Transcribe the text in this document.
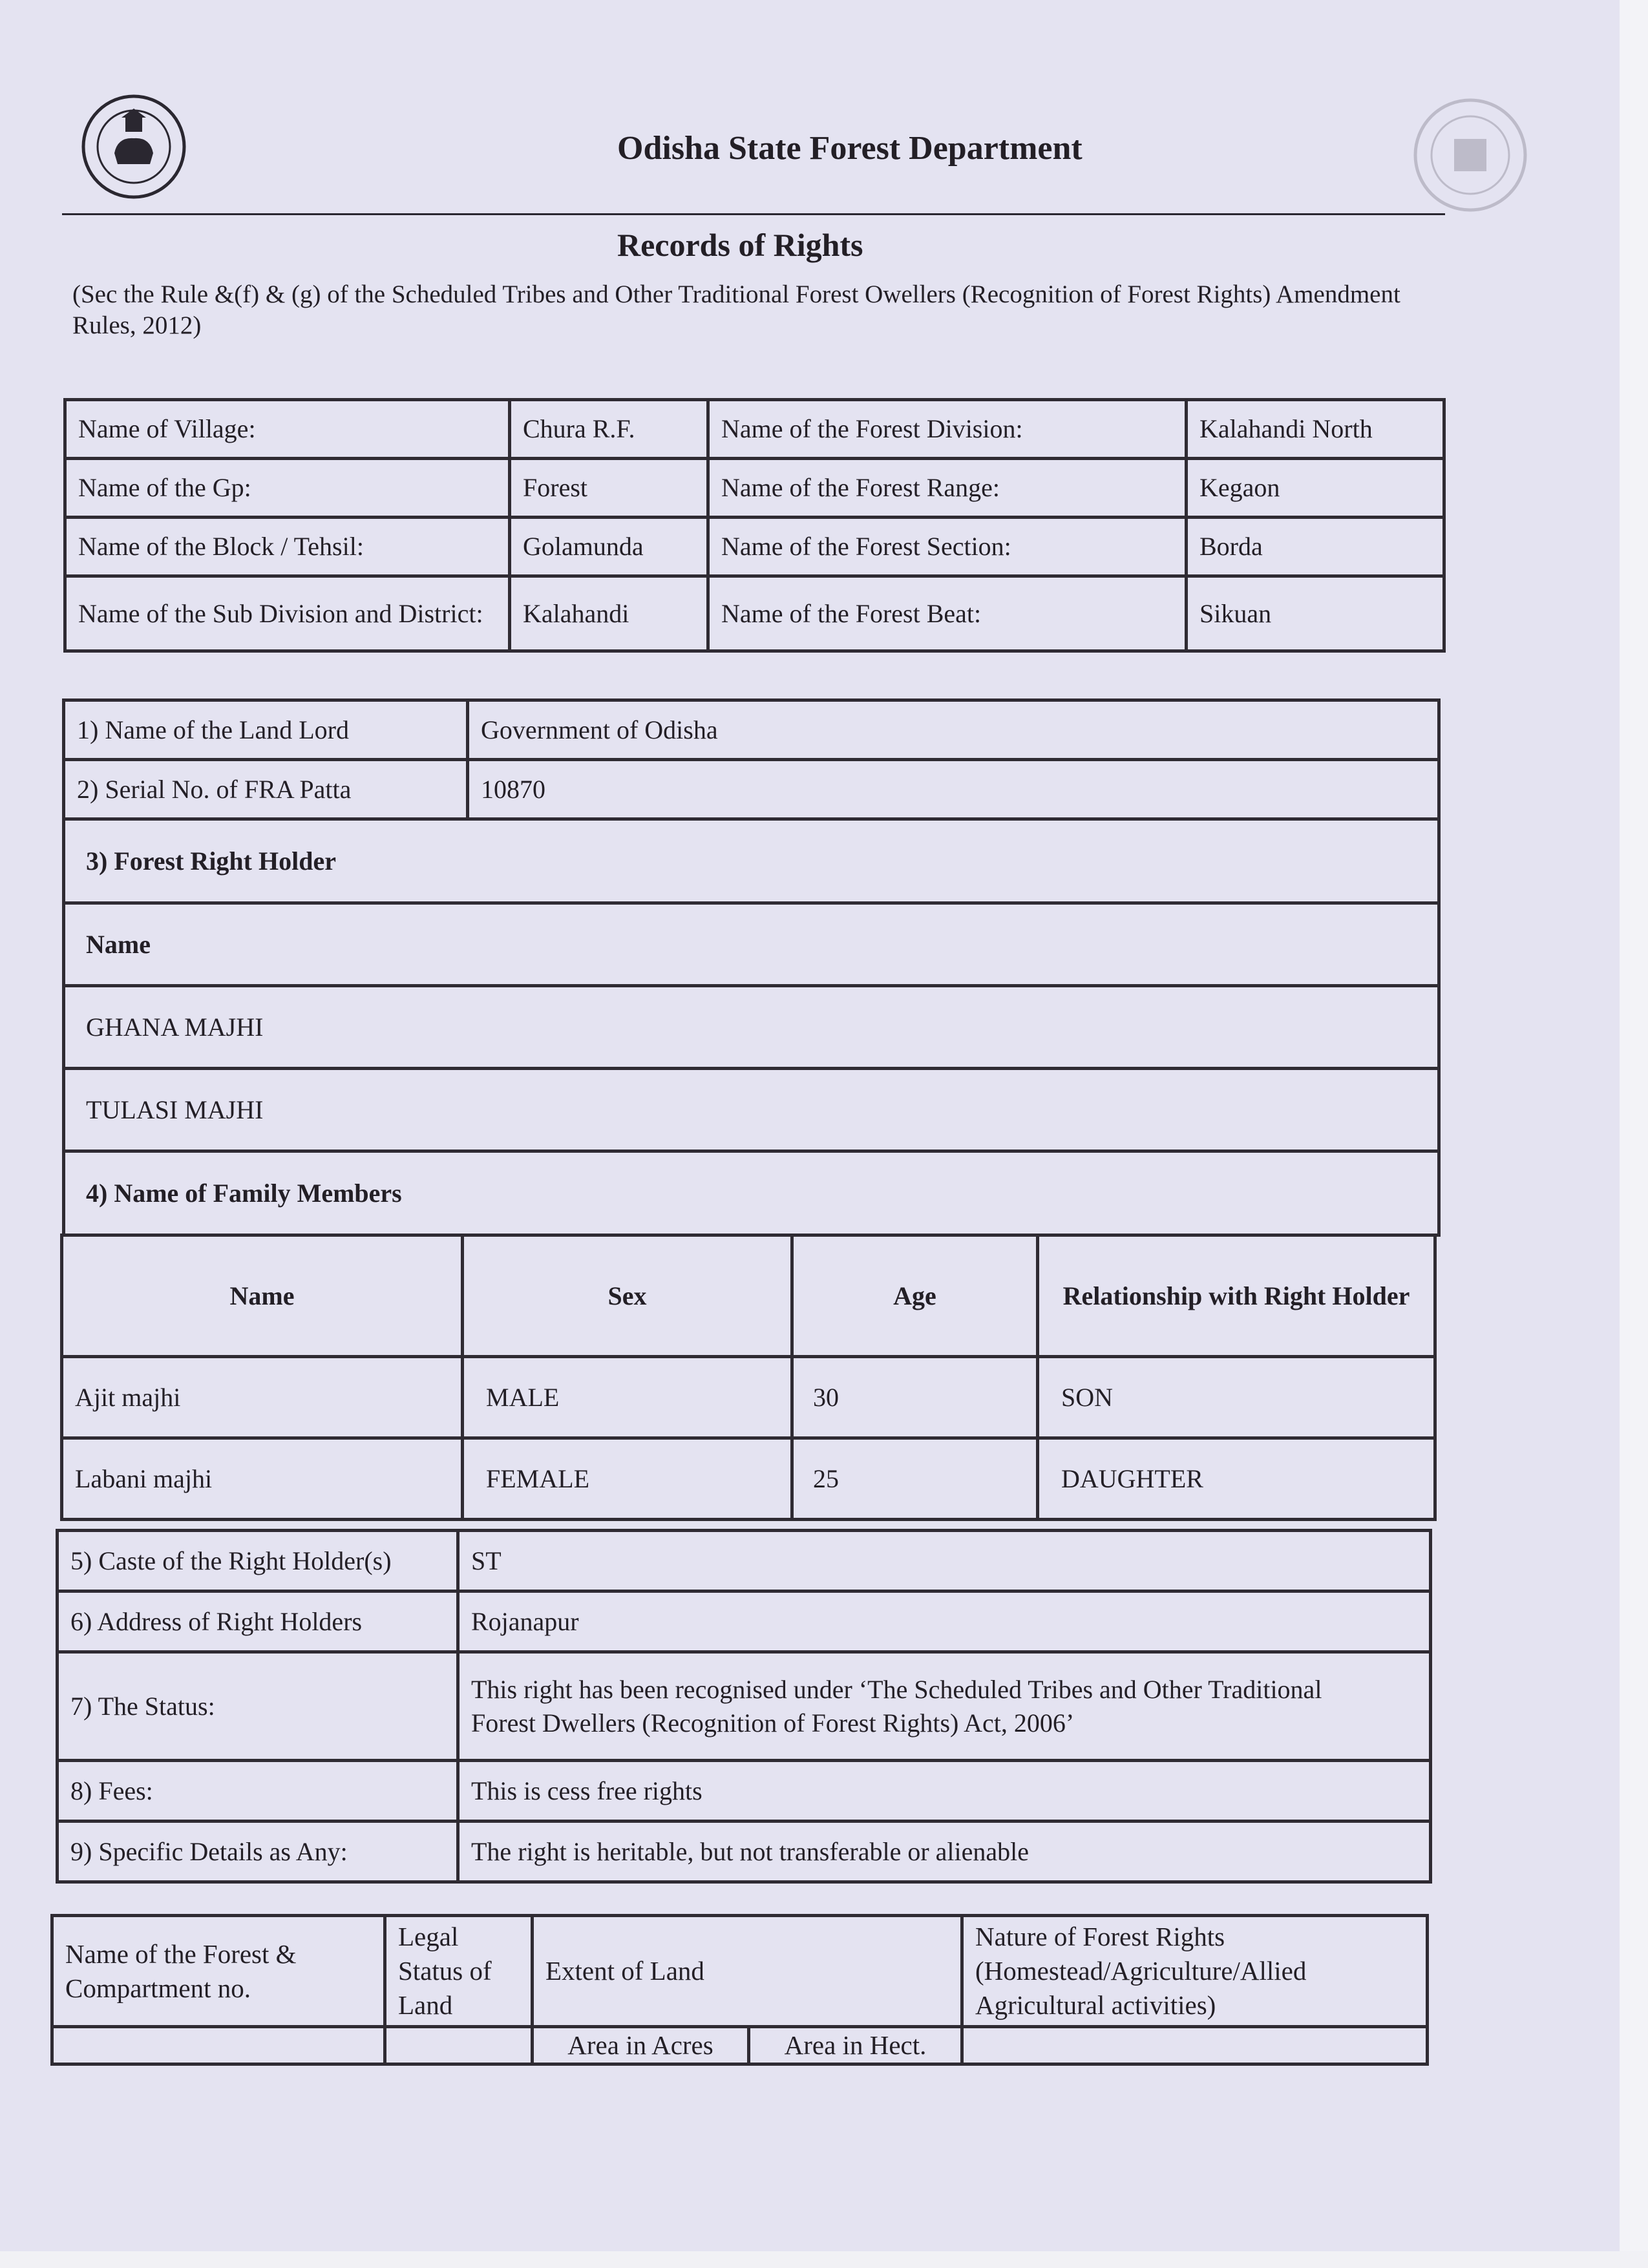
Odisha State Forest Department
Records of Rights
(Sec the Rule &(f) & (g) of the Scheduled Tribes and Other Traditional Forest Owellers (Recognition of Forest Rights) Amendment Rules, 2012)
Name of Village:	Chura R.F.	Name of the Forest Division:	Kalahandi North
Name of the Gp:	Forest	Name of the Forest Range:	Kegaon
Name of the Block / Tehsil:	Golamunda	Name of the Forest Section:	Borda
Name of the Sub Division and District:	Kalahandi	Name of the Forest Beat:	Sikuan
1) Name of the Land Lord	Government of Odisha
2) Serial No. of FRA Patta	10870
3) Forest Right Holder	
Name	
GHANA MAJHI	
TULASI MAJHI	
4) Name of Family Members	
Name	Sex	Age	Relationship with Right Holder
Ajit majhi	MALE	30	SON
Labani majhi	FEMALE	25	DAUGHTER
5) Caste of the Right Holder(s)	ST
6) Address of Right Holders	Rojanapur
7) The Status:	This right has been recognised under ‘The Scheduled Tribes and Other Traditional
Forest Dwellers (Recognition of Forest Rights) Act, 2006’

8) Fees:	This is cess free rights
9) Specific Details as Any:	The right is heritable, but not transferable or alienable
Name of the Forest & Compartment no.	Legal Status of Land	Extent of Land		Nature of Forest Rights (Homestead/Agriculture/Allied Agricultural activities)
		Area in Acres	Area in Hect.	
